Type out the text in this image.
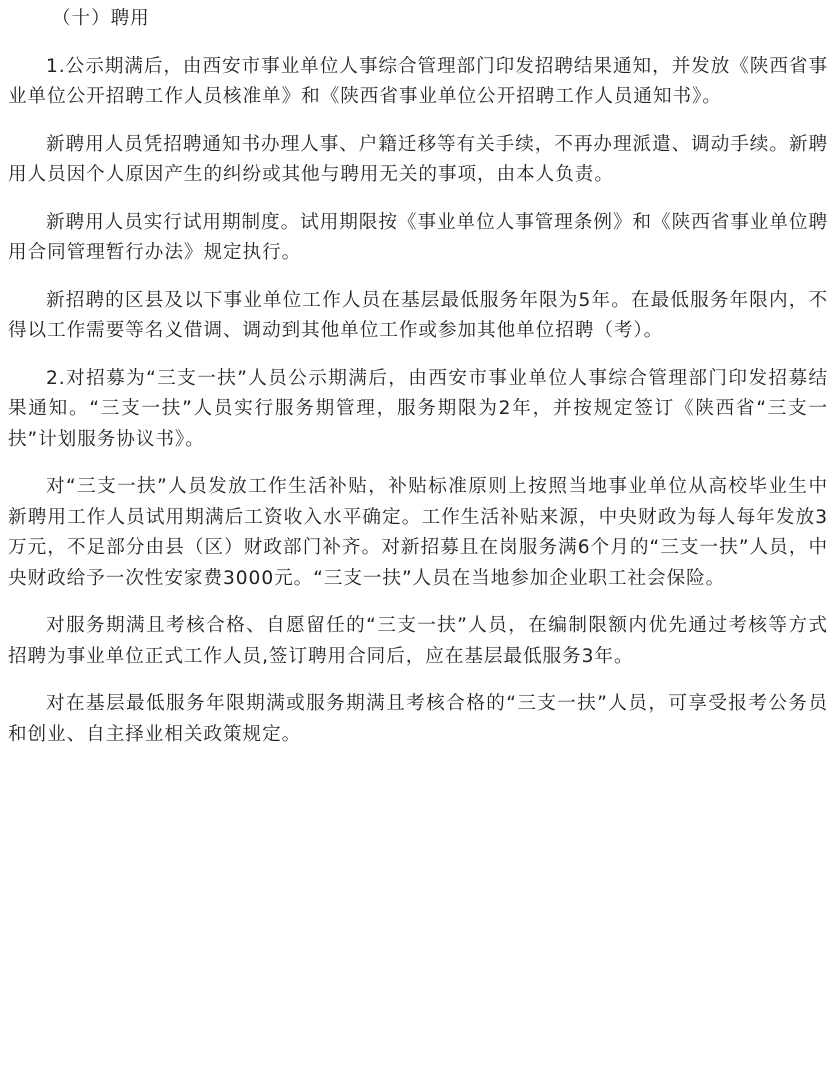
（十）聘用

1.公示期满后，由西安市事业单位人事综合管理部门印发招聘结果通知，并发放《陕西省事业单位公开招聘工作人员核准单》和《陕西省事业单位公开招聘工作人员通知书》。

新聘用人员凭招聘通知书办理人事、户籍迁移等有关手续，不再办理派遣、调动手续。新聘用人员因个人原因产生的纠纷或其他与聘用无关的事项，由本人负责。

新聘用人员实行试用期制度。试用期限按《事业单位人事管理条例》和《陕西省事业单位聘用合同管理暂行办法》规定执行。

新招聘的区县及以下事业单位工作人员在基层最低服务年限为5年。在最低服务年限内，不得以工作需要等名义借调、调动到其他单位工作或参加其他单位招聘（考）。

2.对招募为“三支一扶”人员公示期满后，由西安市事业单位人事综合管理部门印发招募结果通知。“三支一扶”人员实行服务期管理，服务期限为2年，并按规定签订《陕西省“三支一扶”计划服务协议书》。

对“三支一扶”人员发放工作生活补贴，补贴标准原则上按照当地事业单位从高校毕业生中新聘用工作人员试用期满后工资收入水平确定。工作生活补贴来源，中央财政为每人每年发放3万元，不足部分由县（区）财政部门补齐。对新招募且在岗服务满6个月的“三支一扶”人员，中央财政给予一次性安家费3000元。“三支一扶”人员在当地参加企业职工社会保险。

对服务期满且考核合格、自愿留任的“三支一扶”人员，在编制限额内优先通过考核等方式招聘为事业单位正式工作人员,签订聘用合同后，应在基层最低服务3年。

对在基层最低服务年限期满或服务期满且考核合格的“三支一扶”人员，可享受报考公务员和创业、自主择业相关政策规定。
